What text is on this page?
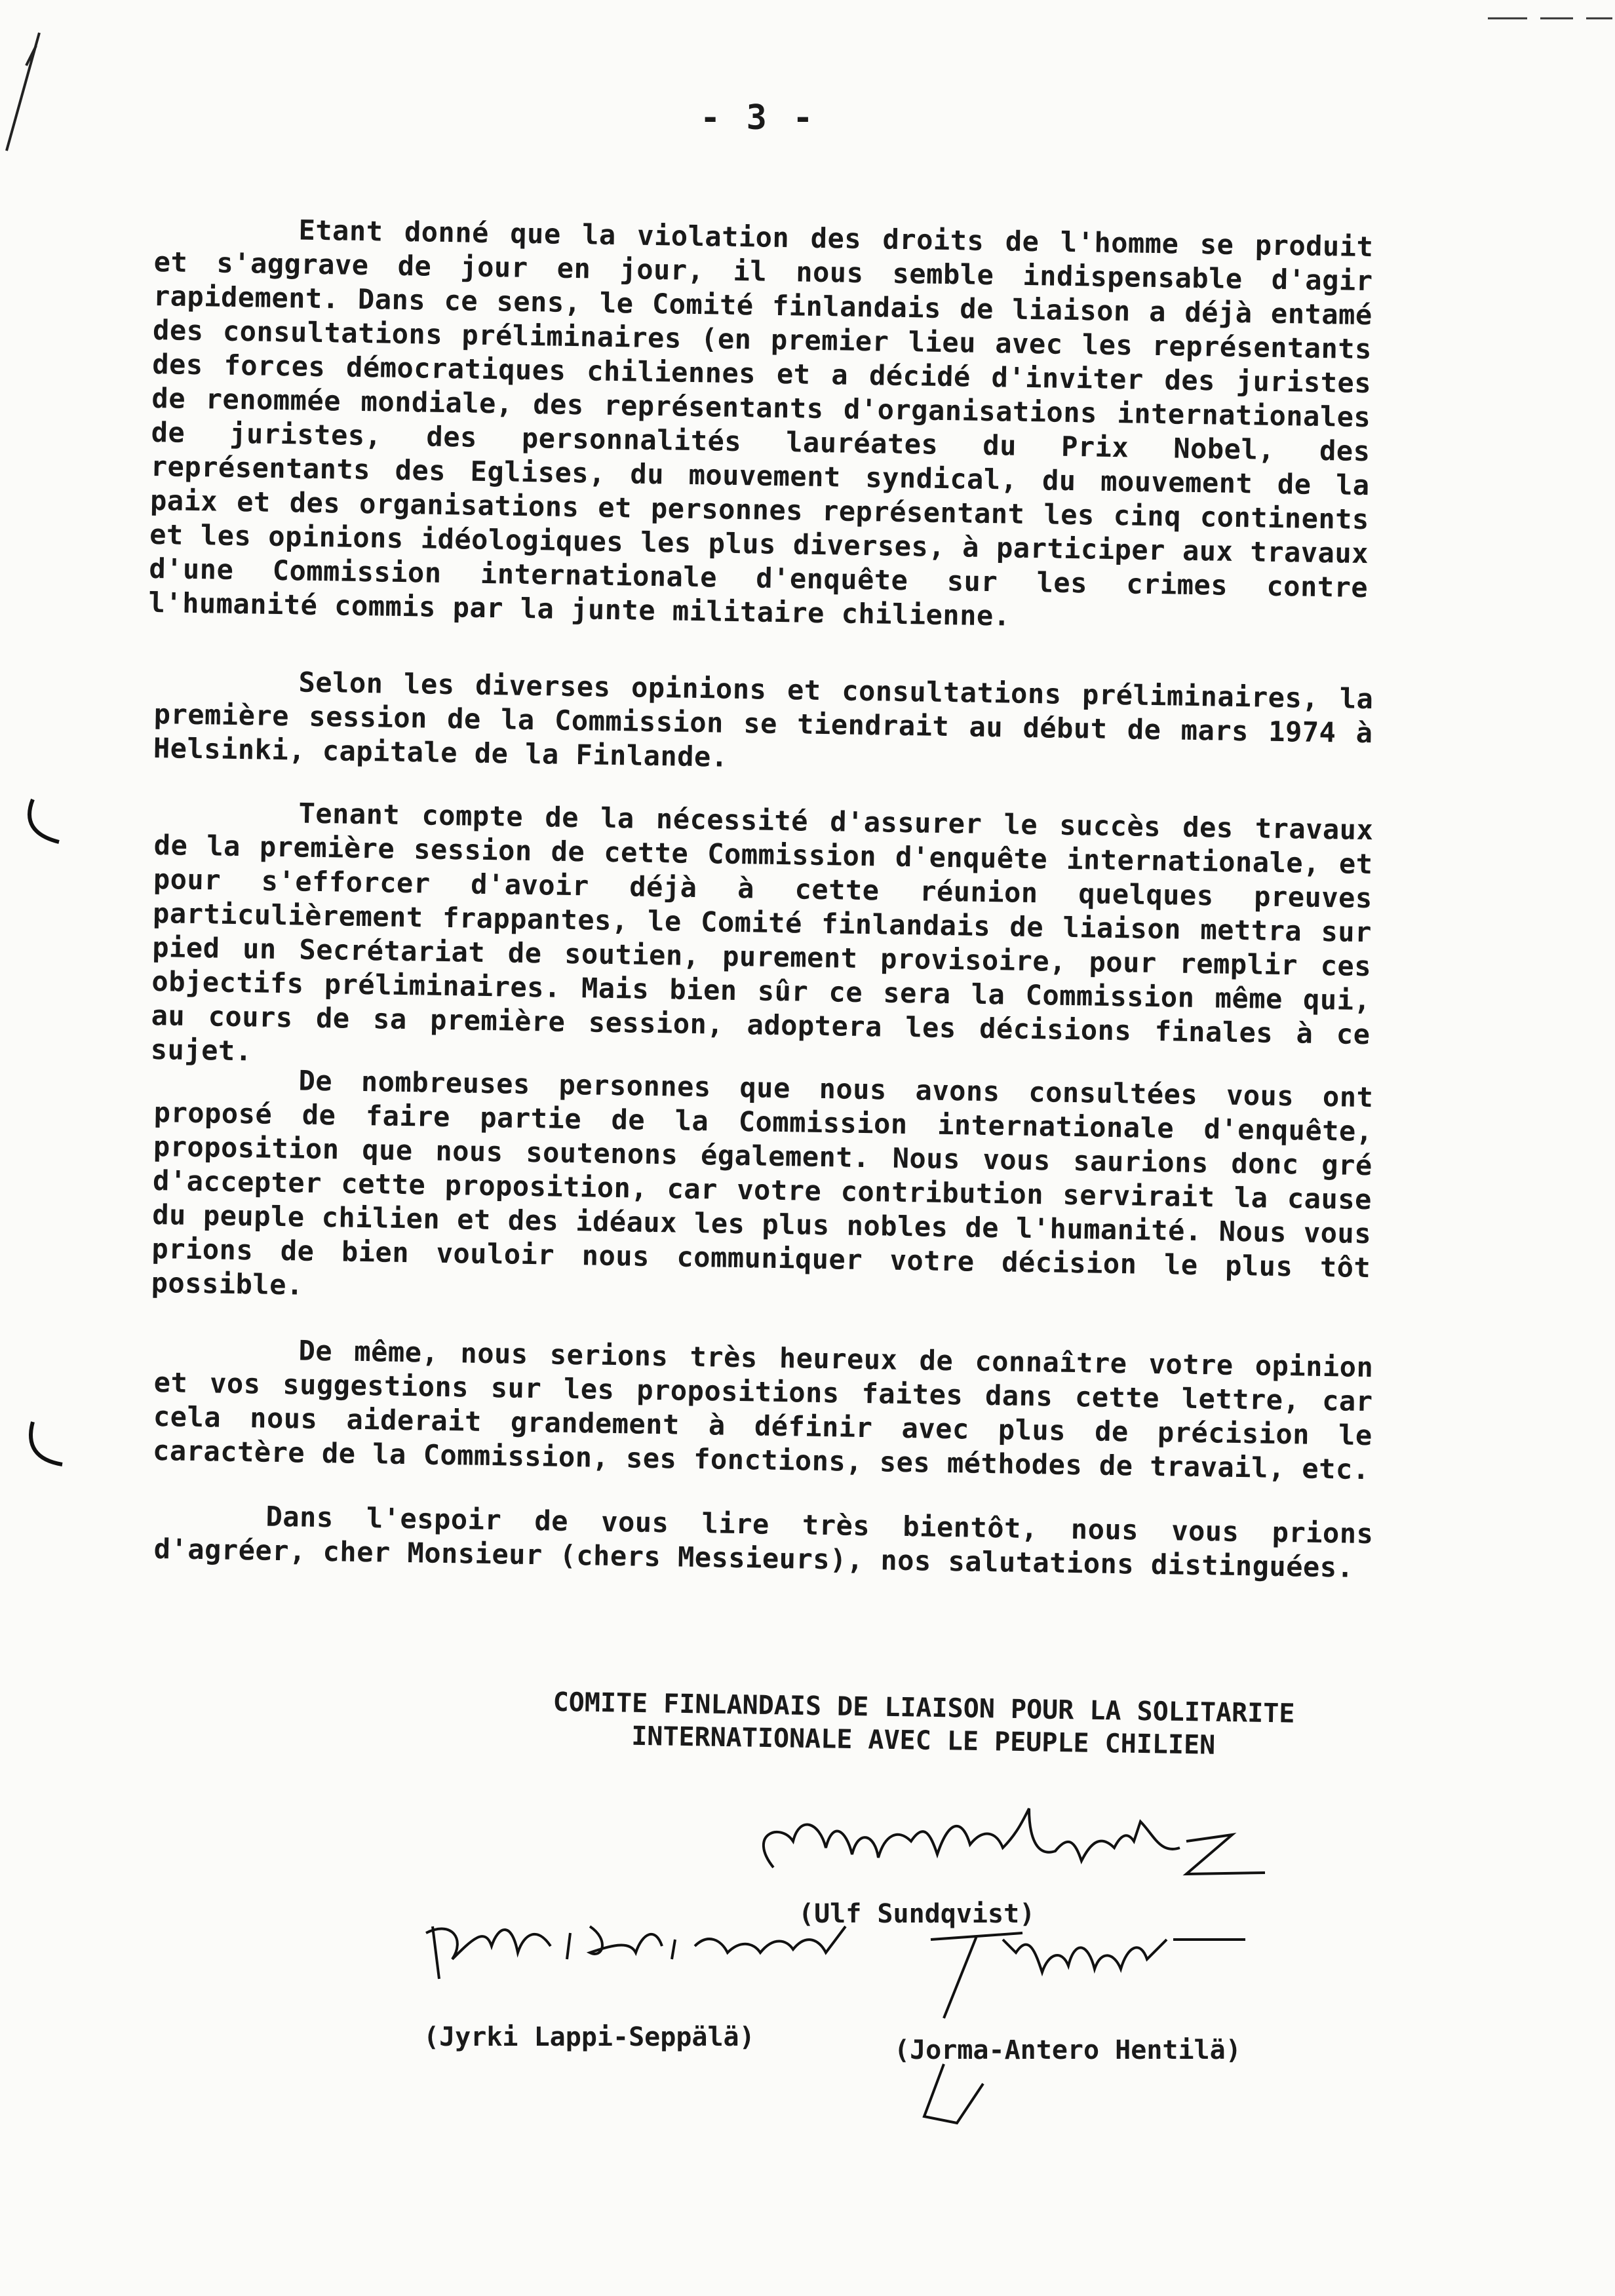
- 3 -

Etant donné que la violation des droits de l'homme se produit et s'aggrave de jour en jour, il nous semble indispensable d'agir rapidement. Dans ce sens, le Comité finlandais de liaison a déjà entamé des consultations préliminaires (en premier lieu avec les représentants des forces démocratiques chiliennes et a décidé d'inviter des juristes de renommée mondiale, des représentants d'organisations internationales de juristes, des personnalités lauréates du Prix Nobel, des représentants des Eglises, du mouvement syndical, du mouvement de la paix et des organisations et personnes représentant les cinq continents et les opinions idéologiques les plus diverses, à participer aux travaux d'une Commission internationale d'enquête sur les crimes contre l'humanité commis par la junte militaire chilienne.

Selon les diverses opinions et consultations préliminaires, la première session de la Commission se tiendrait au début de mars 1974 à Helsinki, capitale de la Finlande.

Tenant compte de la nécessité d'assurer le succès des travaux de la première session de cette Commission d'enquête internationale, et pour s'efforcer d'avoir déjà à cette réunion quelques preuves particulièrement frappantes, le Comité finlandais de liaison mettra sur pied un Secrétariat de soutien, purement provisoire, pour remplir ces objectifs préliminaires. Mais bien sûr ce sera la Commission même qui, au cours de sa première session, adoptera les décisions finales à ce sujet.

De nombreuses personnes que nous avons consultées vous ont proposé de faire partie de la Commission internationale d'enquête, proposition que nous soutenons également. Nous vous saurions donc gré d'accepter cette proposition, car votre contribution servirait la cause du peuple chilien et des idéaux les plus nobles de l'humanité. Nous vous prions de bien vouloir nous communiquer votre décision le plus tôt possible.

De même, nous serions très heureux de connaître votre opinion et vos suggestions sur les propositions faites dans cette lettre, car cela nous aiderait grandement à définir avec plus de précision le caractère de la Commission, ses fonctions, ses méthodes de travail, etc.

Dans l'espoir de vous lire très bientôt, nous vous prions d'agréer, cher Monsieur (chers Messieurs), nos salutations distinguées.

COMITE FINLANDAIS DE LIAISON POUR LA SOLITARITE
INTERNATIONALE AVEC LE PEUPLE CHILIEN
(Ulf Sundqvist)
(Jyrki Lappi-Seppälä)	(Jorma-Antero Hentilä)
